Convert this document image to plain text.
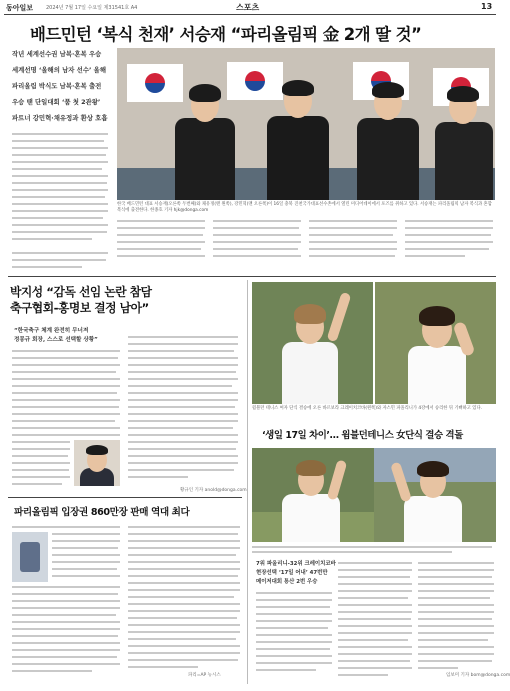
동아일보	2024년 7월 17일 수요일 제31541호 A4	스포츠	13
배드민턴 ‘복식 천재’ 서승재 “파리올림픽 金 2개 딸 것”
작년 세계선수권 남복·혼복 우승
세계선명 ‘올해의 남자 선수’ 올해
파리올림 박식도 남복·혼복 출전
우승 땐 단일대회 ‘품 첫 2관왕’
파트너 강민혁·채유정과 환상 호흡
한국 배드민턴 대표 서승재(오른쪽 두번째)와 채유정(맨 왼쪽), 강민혁(맨 오른쪽)이 16일 충북 진천국가대표선수촌에서 열린 미디어데이에서 포즈를 취하고 있다. 서승재는 파리올림픽 남자 복식과 혼합 복식에 출전한다. 한종호 기자 hjk@donga.com
박지성 “감독 선임 논란 참담
축구협회-홍명보 결정 남아”
“한국축구 체계 완전히 무너져
정몽규 회장, 스스로 선택할 상황”
황규인 기자 anold@donga.com
파리올림픽 입장권 860만장 판매 역대 최다
파리=AP 뉴시스
윔블던 테니스 여자 단식 결승에 오른 바르보라 크레이치코바(왼쪽)와 자스민 파올리니가 4강에서 승리한 뒤 기뻐하고 있다.
‘생일 17일 차이’… 윔블던테니스 女단식 결승 격돌
7위 파올리니-32위 크레이치코바
현장선택 ‘17일 어내’ 47번만
메이저대회 통산 2번 우승
임보미 기자 bom@donga.com
